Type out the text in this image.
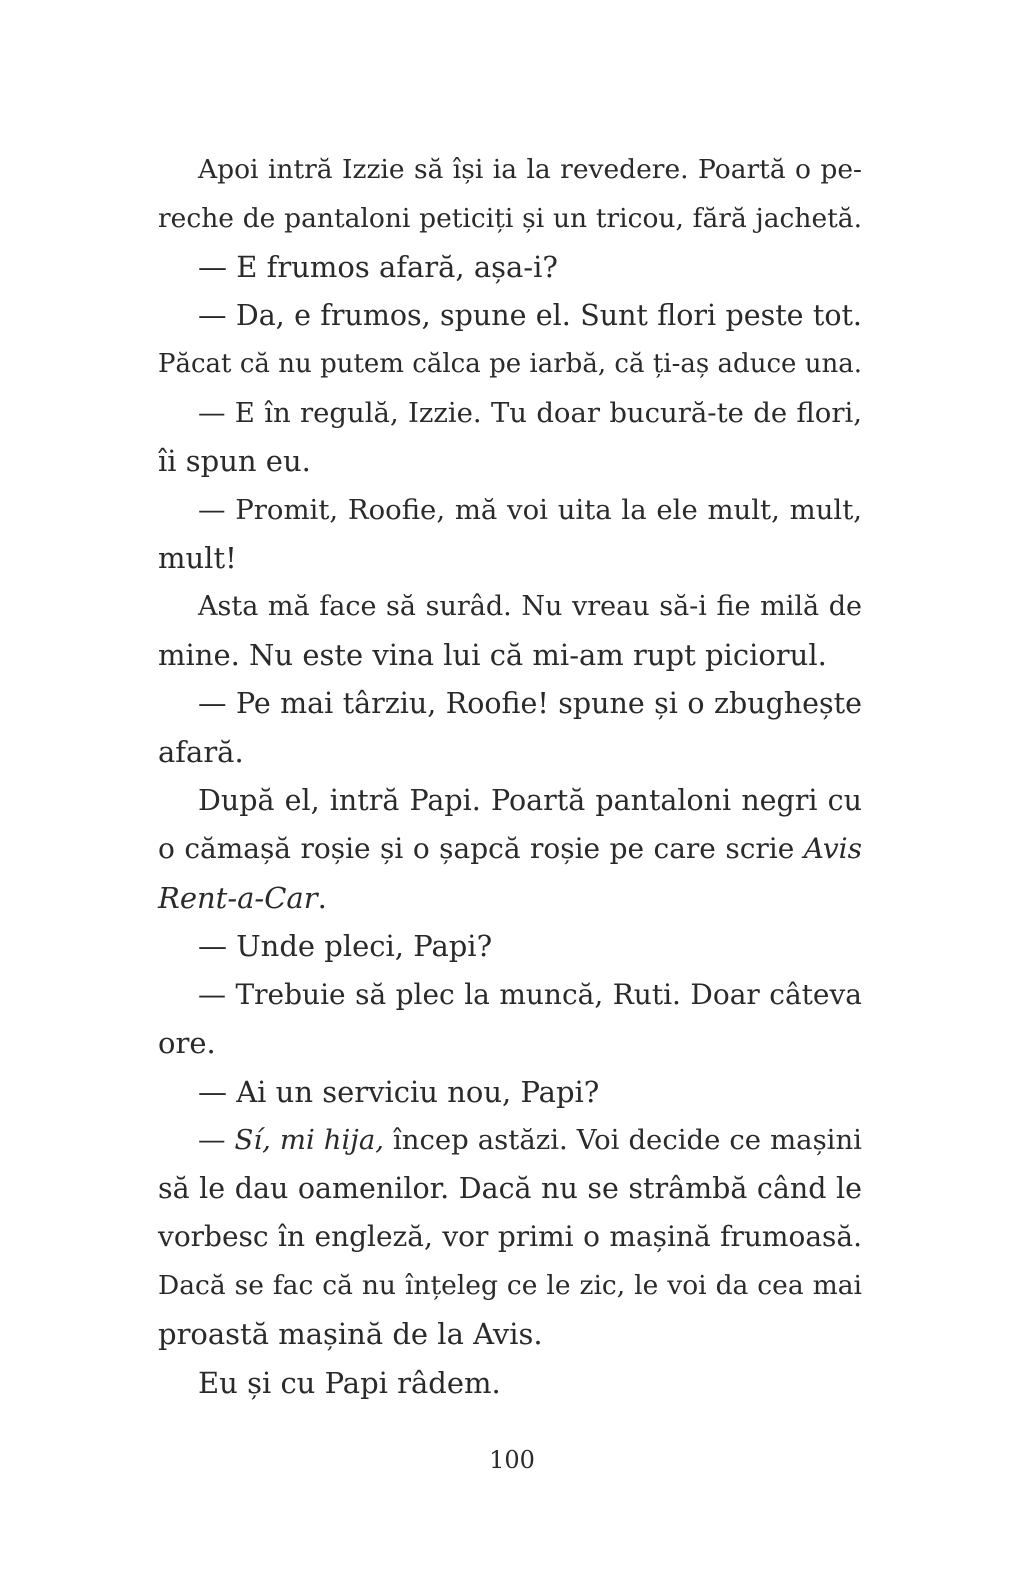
Apoi intră Izzie să își ia la revedere. Poartă o pe-
reche de pantaloni peticiți și un tricou, fără jachetă.
— E frumos afară, așa-i?
— Da, e frumos, spune el. Sunt flori peste tot.
Păcat că nu putem călca pe iarbă, că ți-aș aduce una.
— E în regulă, Izzie. Tu doar bucură-te de flori,
îi spun eu.
— Promit, Roofie, mă voi uita la ele mult, mult,
mult!
Asta mă face să surâd. Nu vreau să-i fie milă de
mine. Nu este vina lui că mi-am rupt piciorul.
— Pe mai târziu, Roofie! spune și o zbughește
afară.
După el, intră Papi. Poartă pantaloni negri cu
o cămașă roșie și o șapcă roșie pe care scrie Avis
Rent-a-Car.
— Unde pleci, Papi?
— Trebuie să plec la muncă, Ruti. Doar câteva
ore.
— Ai un serviciu nou, Papi?
— Sí, mi hija, încep astăzi. Voi decide ce mașini
să le dau oamenilor. Dacă nu se strâmbă când le
vorbesc în engleză, vor primi o mașină frumoasă.
Dacă se fac că nu înțeleg ce le zic, le voi da cea mai
proastă mașină de la Avis.
Eu și cu Papi râdem.
100
